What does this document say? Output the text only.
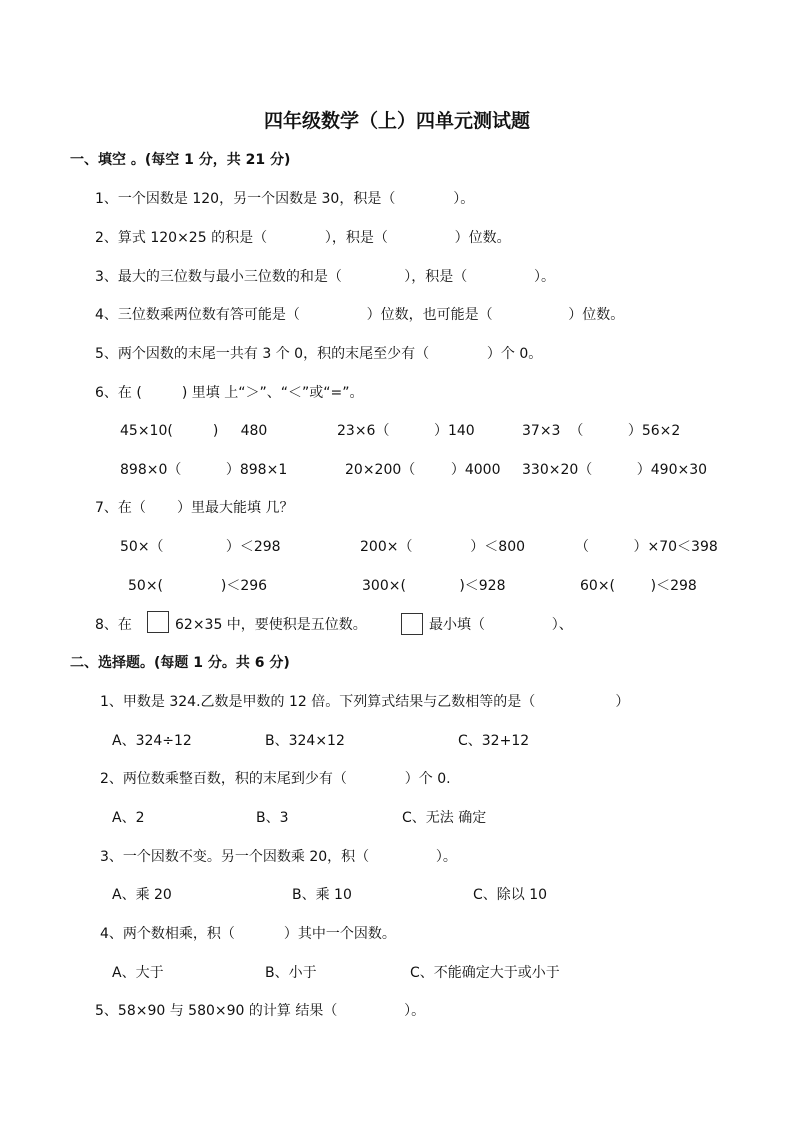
四年级数学（上）四单元测试题
一、填空 。(每空 1 分，共 21 分)
1、一个因数是 120，另一个因数是 30，积是（             ）。
2、算式 120×25 的积是（             ），积是（               ）位数。
3、最大的三位数与最小三位数的和是（              ），积是（               ）。
4、三位数乘两位数有答可能是（               ）位数，也可能是（                 ）位数。
5、两个因数的末尾一共有 3 个 0，积的末尾至少有（             ）个 0。
6、在 (         ) 里填 上“＞”、“＜”或“=”。
45×10(         )     480	23×6（          ）140	37×3  （          ）56×2
898×0（          ）898×1	20×200（        ）4000 330×20（          ）490×30
7、在（       ）里最大能填 几？
50×（              ）＜298	200×（             ）＜800	（          ）×70＜398
50×(             )＜296	300×(            )＜928	60×(        )＜298
8、在	62×35 中，要使积是五位数。	最小填（               ）、
二、选择题。(每题 1 分。共 6 分)
1、甲数是 324.乙数是甲数的 12 倍。下列算式结果与乙数相等的是（                  ）
A、324÷12	B、324×12	C、32+12
2、两位数乘整百数，积的末尾到少有（             ）个 0.
A、2	B、3	C、无法 确定
3、一个因数不变。另一个因数乘 20，积（               ）。
A、乘 20	B、乘 10	C、除以 10
4、两个数相乘，积（           ）其中一个因数。
A、大于	B、小于	C、不能确定大于或小于
5、58×90 与 580×90 的计算 结果（               ）。
